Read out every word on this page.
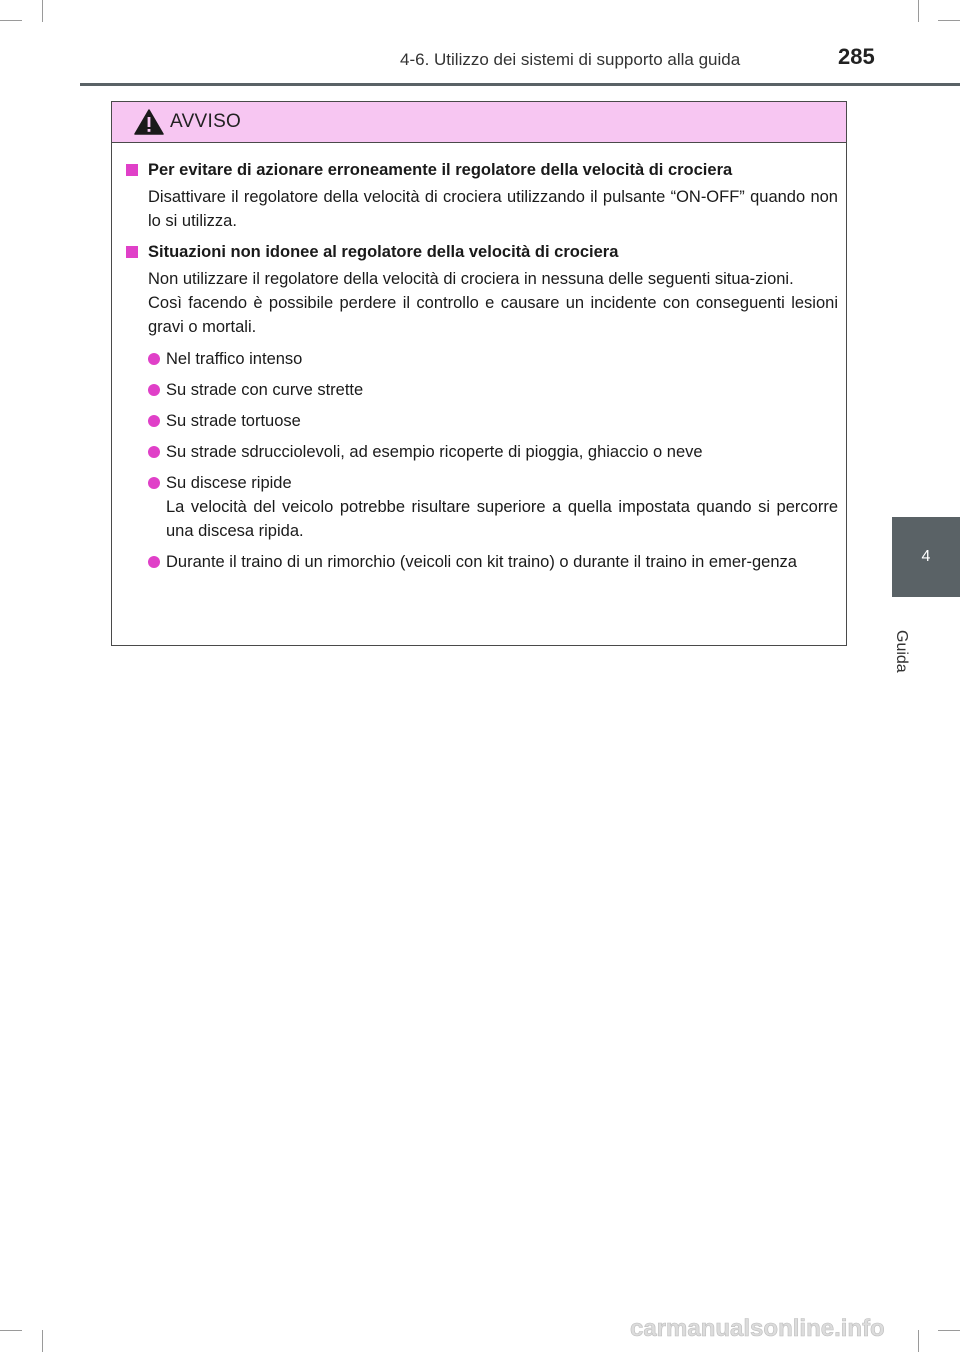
4-6. Utilizzo dei sistemi di supporto alla guida	285
4
Guida
AVVISO
Per evitare di azionare erroneamente il regolatore della velocità di crociera
Disattivare il regolatore della velocità di crociera utilizzando il pulsante “ON-OFF” quando non lo si utilizza.
Situazioni non idonee al regolatore della velocità di crociera
Non utilizzare il regolatore della velocità di crociera in nessuna delle seguenti situa-zioni.
Così facendo è possibile perdere il controllo e causare un incidente con conseguenti lesioni gravi o mortali.
Nel traffico intenso
Su strade con curve strette
Su strade tortuose
Su strade sdrucciolevoli, ad esempio ricoperte di pioggia, ghiaccio o neve
Su discese ripide
La velocità del veicolo potrebbe risultare superiore a quella impostata quando si percorre una discesa ripida.
Durante il traino di un rimorchio (veicoli con kit traino) o durante il traino in emer-genza
carmanualsonline.info
